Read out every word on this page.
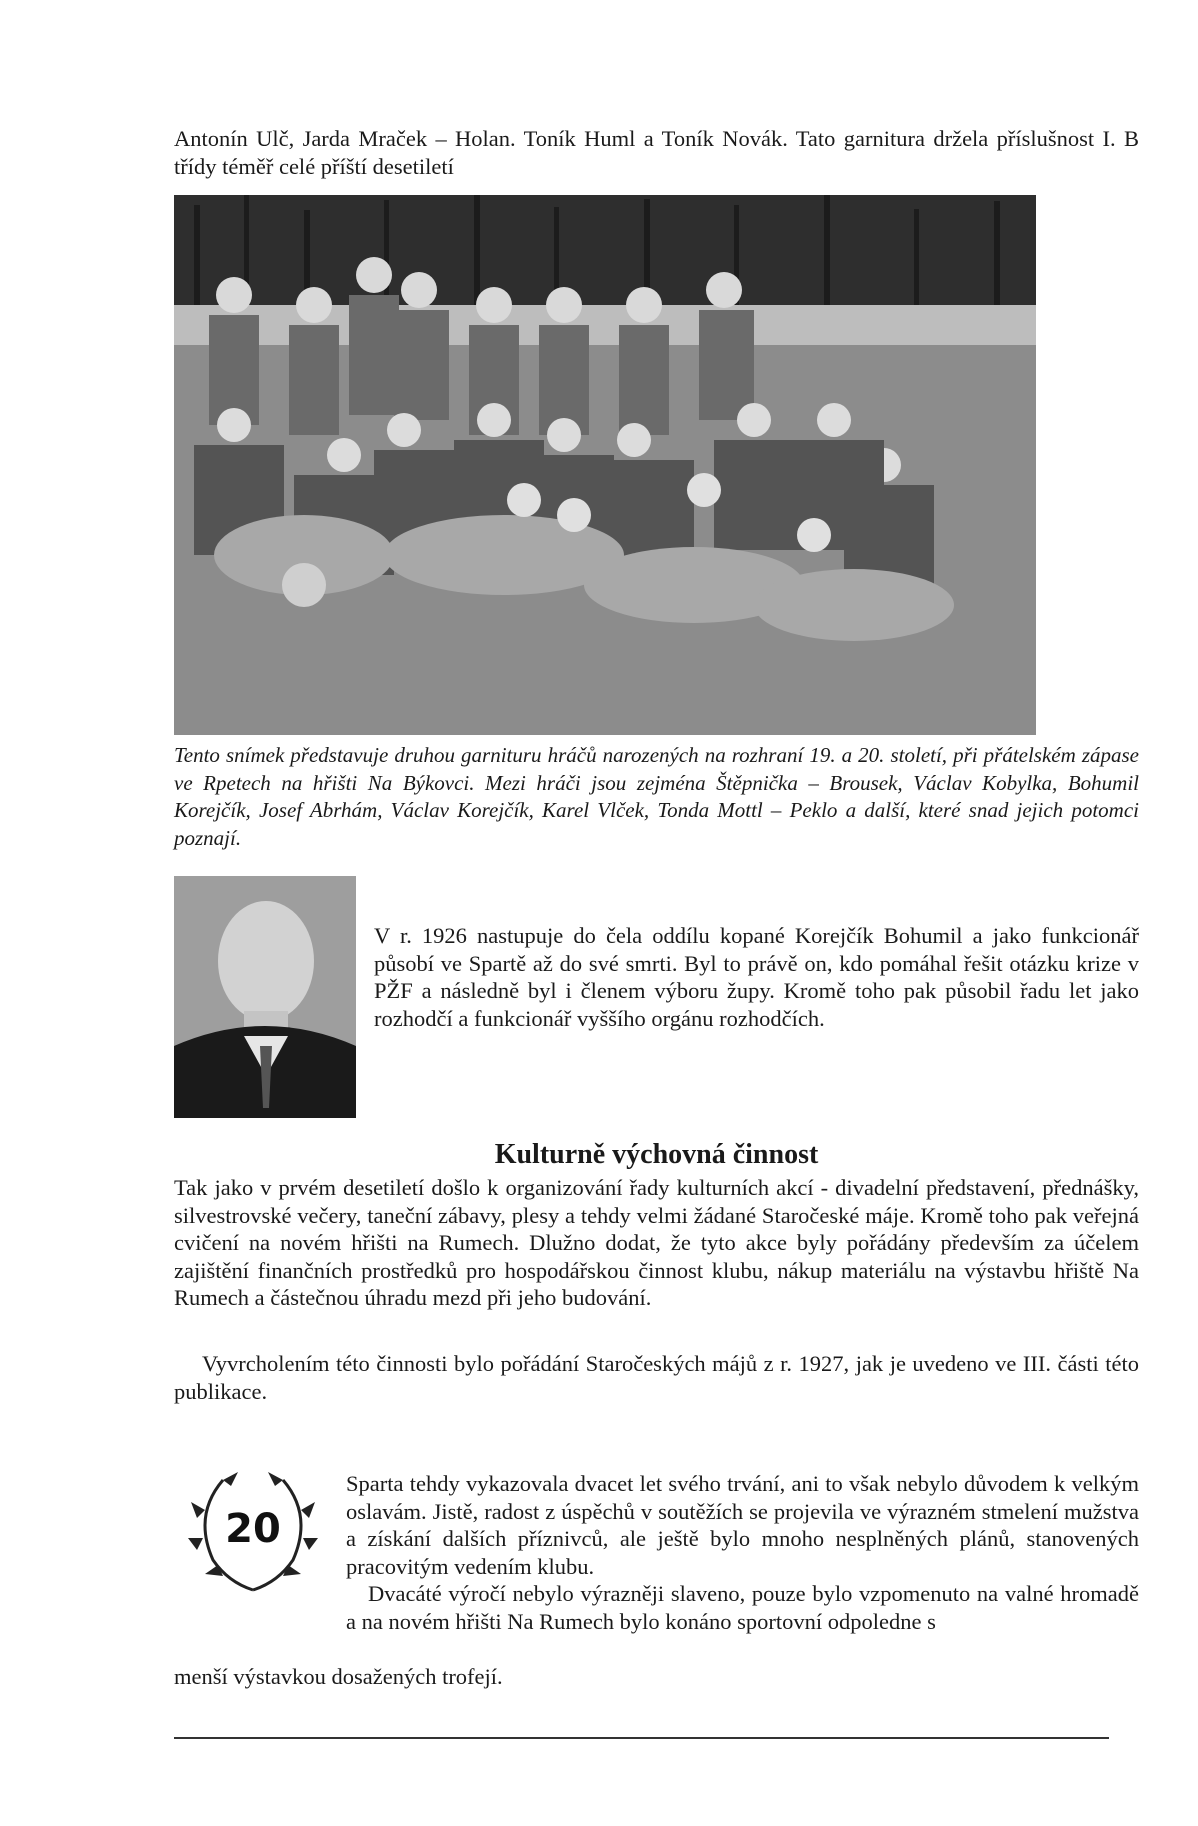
Antonín Ulč, Jarda Mraček – Holan. Toník Huml a Toník Novák. Tato garnitura držela příslušnost I. B třídy téměř celé příští desetiletí
Tento snímek představuje druhou garnituru hráčů narozených na rozhraní 19. a 20. století, při přátelském zápase ve Rpetech na hřišti Na Býkovci. Mezi hráči jsou zejména Štěpnička – Brousek, Václav Kobylka, Bohumil Korejčík, Josef Abrhám, Václav Korejčík, Karel Vlček, Tonda Mottl – Peklo a další, které snad jejich potomci poznají.
V r. 1926 nastupuje do čela oddílu kopané Korejčík Bohumil a jako funkcionář působí ve Spartě až do své smrti. Byl to právě on, kdo pomáhal řešit otázku krize v PŽF a následně byl i členem výboru župy. Kromě toho pak působil řadu let jako rozhodčí a funkcionář vyššího orgánu rozhodčích.
Kulturně výchovná činnost
Tak jako v prvém desetiletí došlo k organizování řady kulturních akcí - divadelní představení, přednášky, silvestrovské večery, taneční zábavy, plesy a tehdy velmi žádané Staročeské máje. Kromě toho pak veřejná cvičení na novém hřišti na Rumech. Dlužno dodat, že tyto akce byly pořádány především za účelem zajištění finančních prostředků pro hospodářskou činnost klubu, nákup materiálu na výstavbu hřiště Na Rumech a částečnou úhradu mezd při jeho budování.
Vyvrcholením této činnosti bylo pořádání Staročeských májů z r. 1927, jak je uvedeno ve III. části této publikace.
20

Sparta tehdy vykazovala dvacet let svého trvání, ani to však nebylo důvodem k velkým oslavám. Jistě, radost z úspěchů v soutěžích se projevila ve výrazném stmelení mužstva a získání dalších příznivců, ale ještě bylo mnoho nesplněných plánů, stanovených pracovitým vedením klubu.

Dvacáté výročí nebylo výrazněji slaveno, pouze bylo vzpomenuto na valné hromadě a na novém hřišti Na Rumech bylo konáno sportovní odpoledne s

menší výstavkou dosažených trofejí.
